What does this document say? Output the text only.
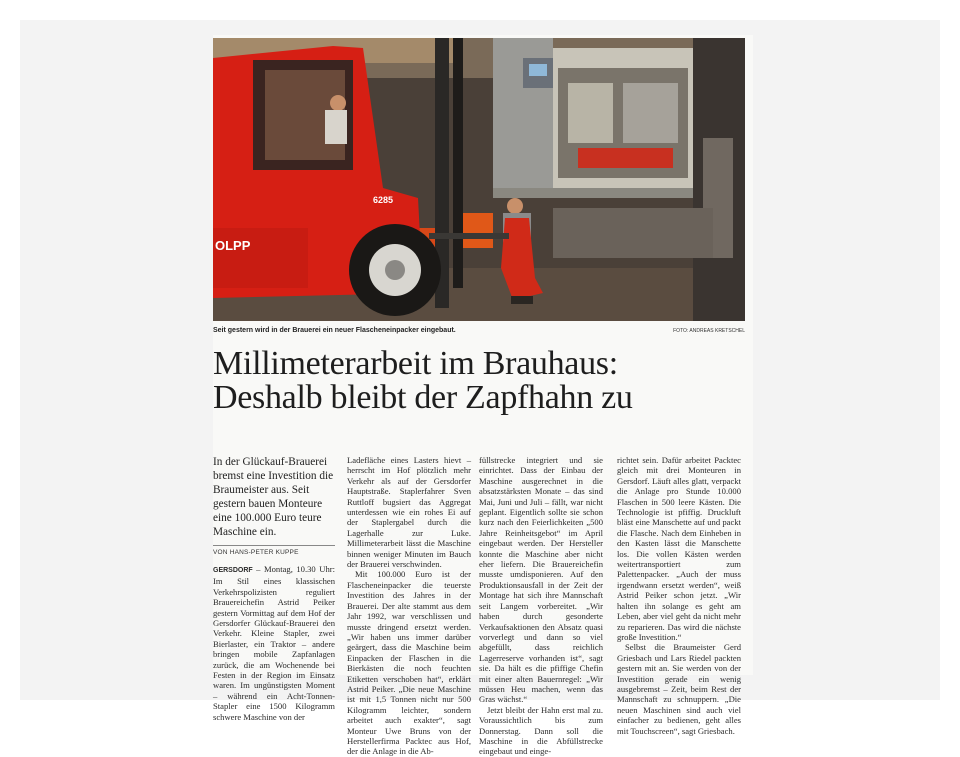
6285
OLPP
Seit gestern wird in der Brauerei ein neuer Flascheneinpacker eingebaut.	FOTO: ANDREAS KRETSCHEL
Millimeterarbeit im Brauhaus:
Deshalb bleibt der Zapfhahn zu
In der Glückauf-Brauerei bremst eine Investition die Braumeister aus. Seit gestern bauen Monteure eine 100.000 Euro teure Maschine ein.
VON HANS-PETER KUPPE

GERSDORF – Montag, 10.30 Uhr: Im Stil eines klassischen Verkehrspolizisten reguliert Brauereichefin Astrid Peiker gestern Vormittag auf dem Hof der Gersdorfer Glückauf-Brauerei den Verkehr. Kleine Stapler, zwei Bierlaster, ein Traktor – andere bringen mobile Zapfanlagen zurück, die am Wochenende bei Festen in der Region im Einsatz waren. Im ungünstigsten Moment – während ein Acht-Tonnen-Stapler eine 1500 Kilogramm schwere Maschine von der

Ladefläche eines Lasters hievt – herrscht im Hof plötzlich mehr Verkehr als auf der Gersdorfer Hauptstraße. Staplerfahrer Sven Ruttloff bugsiert das Aggregat unterdessen wie ein rohes Ei auf der Staplergabel durch die Lagerhalle zur Luke. Millimeterarbeit lässt die Maschine binnen weniger Minuten im Bauch der Brauerei verschwinden.

Mit 100.000 Euro ist der Flascheneinpacker die teuerste Investition des Jahres in der Brauerei. Der alte stammt aus dem Jahr 1992, war verschlissen und musste dringend ersetzt werden. „Wir haben uns immer darüber geärgert, dass die Maschine beim Einpacken der Flaschen in die Bierkästen die noch feuchten Etiketten verschoben hat“, erklärt Astrid Peiker. „Die neue Maschine ist mit 1,5 Tonnen nicht nur 500 Kilogramm leichter, sondern arbeitet auch exakter“, sagt Monteur Uwe Bruns von der Herstellerfirma Packtec aus Hof, der die Anlage in die Ab-

füllstrecke integriert und sie einrichtet. Dass der Einbau der Maschine ausgerechnet in die absatzstärksten Monate – das sind Mai, Juni und Juli – fällt, war nicht geplant. Eigentlich sollte sie schon kurz nach den Feierlichkeiten „500 Jahre Reinheitsgebot“ im April eingebaut werden. Der Hersteller konnte die Maschine aber nicht eher liefern. Die Brauereichefin musste umdisponieren. Auf den Produktionsausfall in der Zeit der Montage hat sich ihre Mannschaft seit Langem vorbereitet. „Wir haben durch gesonderte Verkaufsaktionen den Absatz quasi vorverlegt und dann so viel abgefüllt, dass reichlich Lagerreserve vorhanden ist“, sagt sie. Da hält es die pfiffige Chefin mit einer alten Bauernregel: „Wir müssen Heu machen, wenn das Gras wächst.“

Jetzt bleibt der Hahn erst mal zu. Voraussichtlich bis zum Donnerstag. Dann soll die Maschine in die Abfüllstrecke eingebaut und einge-

richtet sein. Dafür arbeitet Packtec gleich mit drei Monteuren in Gersdorf. Läuft alles glatt, verpackt die Anlage pro Stunde 10.000 Flaschen in 500 leere Kästen. Die Technologie ist pfiffig. Druckluft bläst eine Manschette auf und packt die Flasche. Nach dem Einheben in den Kasten lässt die Manschette los. Die vollen Kästen werden weitertransportiert zum Palettenpacker. „Auch der muss irgendwann ersetzt werden“, weiß Astrid Peiker schon jetzt. „Wir halten ihn solange es geht am Leben, aber viel geht da nicht mehr zu reparieren. Das wird die nächste große Investition.“

Selbst die Braumeister Gerd Griesbach und Lars Riedel packten gestern mit an. Sie werden von der Investition gerade ein wenig ausgebremst – Zeit, beim Rest der Mannschaft zu schnuppern. „Die neuen Maschinen sind auch viel einfacher zu bedienen, geht alles mit Touchscreen“, sagt Griesbach.
